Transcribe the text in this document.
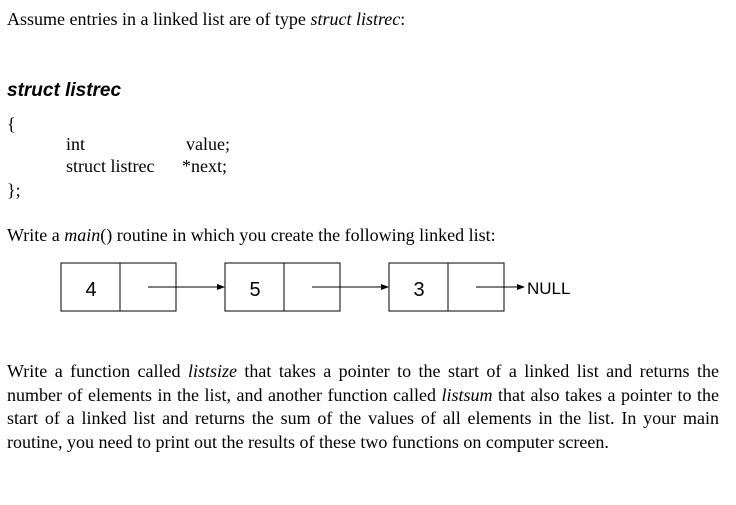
Assume entries in a linked list are of type struct listrec:
struct listrec
{
int	value;
struct listrec *next;
};
Write a main() routine in which you create the following linked list:
4	5	3	NULL
Write a function called listsize that takes a pointer to the start of a linked list and returns the number of elements in the list, and another function called listsum that also takes a pointer to the start of a linked list and returns the sum of the values of all elements in the list. In your main routine, you need to print out the results of these two functions on computer screen.
